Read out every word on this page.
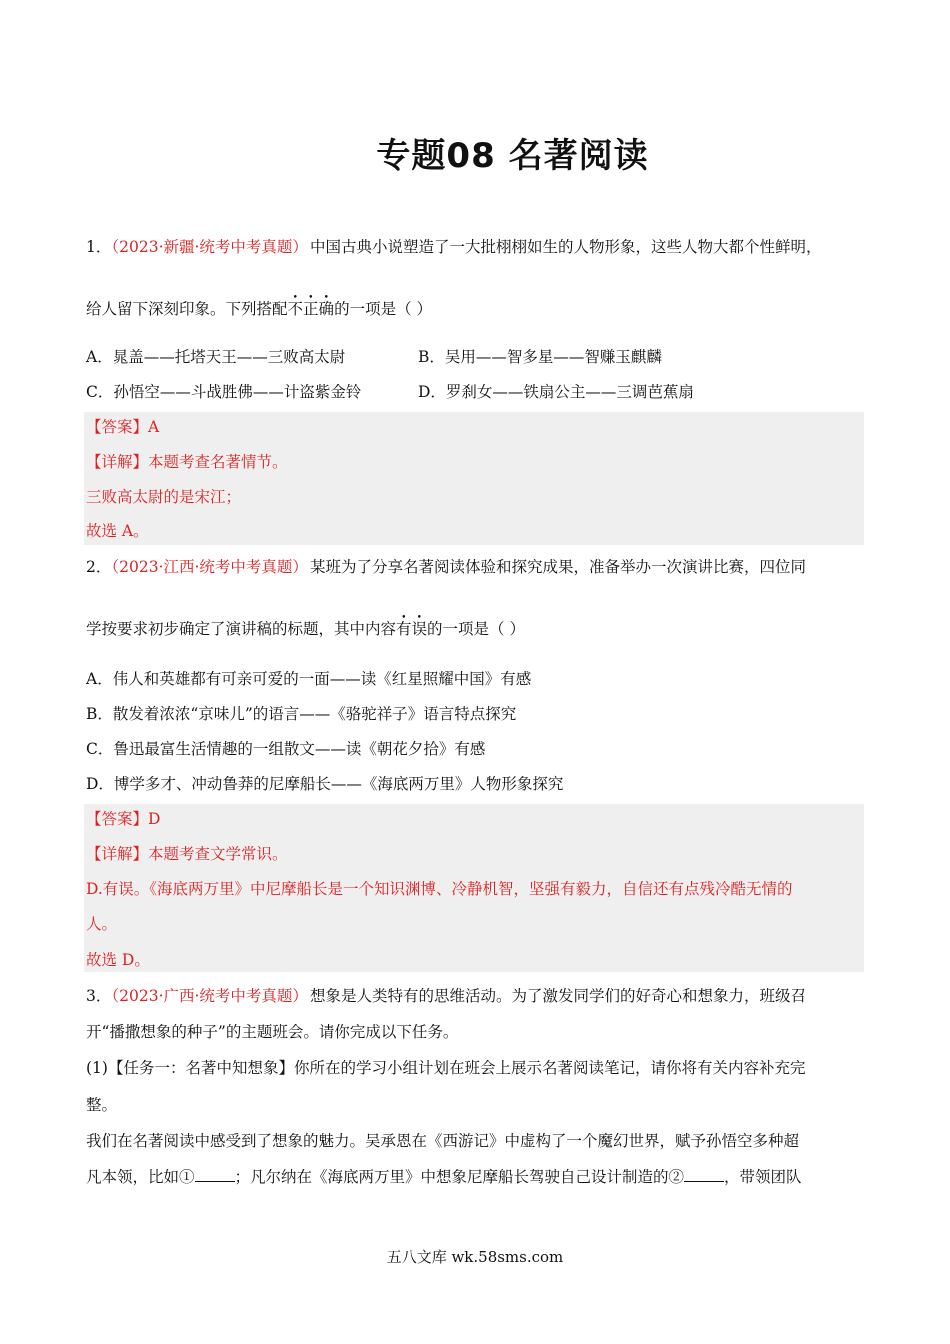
专题08 名著阅读
1．（2023·新疆·统考中考真题） 中国古典小说塑造了一大批栩栩如生的人物形象，这些人物大都个性鲜明，
给人留下深刻印象。下列搭配不正确的一项是（ ）
A．晁盖——托塔天王——三败高太尉	B．吴用——智多星——智赚玉麒麟
C．孙悟空——斗战胜佛——计盗紫金铃	D．罗刹女——铁扇公主——三调芭蕉扇
【答案】A
【详解】本题考查名著情节。
三败高太尉的是宋江；
故选 A。
2．（2023·江西·统考中考真题） 某班为了分享名著阅读体验和探究成果，准备举办一次演讲比赛，四位同
学按要求初步确定了演讲稿的标题，其中内容有误的一项是（ ）
A．伟人和英雄都有可亲可爱的一面——读《红星照耀中国》有感
B．散发着浓浓“京味儿”的语言——《骆驼祥子》语言特点探究
C．鲁迅最富生活情趣的一组散文——读《朝花夕拾》有感
D．博学多才、冲动鲁莽的尼摩船长——《海底两万里》人物形象探究
【答案】D
【详解】本题考查文学常识。
D.有误。《海底两万里》中尼摩船长是一个知识渊博、冷静机智，坚强有毅力，自信还有点残冷酷无情的
人。
故选 D。
3．（2023·广西·统考中考真题） 想象是人类特有的思维活动。为了激发同学们的好奇心和想象力，班级召
开“播撒想象的种子”的主题班会。请你完成以下任务。
(1)【任务一：名著中知想象】你所在的学习小组计划在班会上展示名著阅读笔记，请你将有关内容补充完
整。
我们在名著阅读中感受到了想象的魅力。吴承恩在《西游记》中虚构了一个魔幻世界，赋予孙悟空多种超
凡本领，比如①	；凡尔纳在《海底两万里》中想象尼摩船长驾驶自己设计制造的②	，带领团队
五八文库 wk.58sms.com
